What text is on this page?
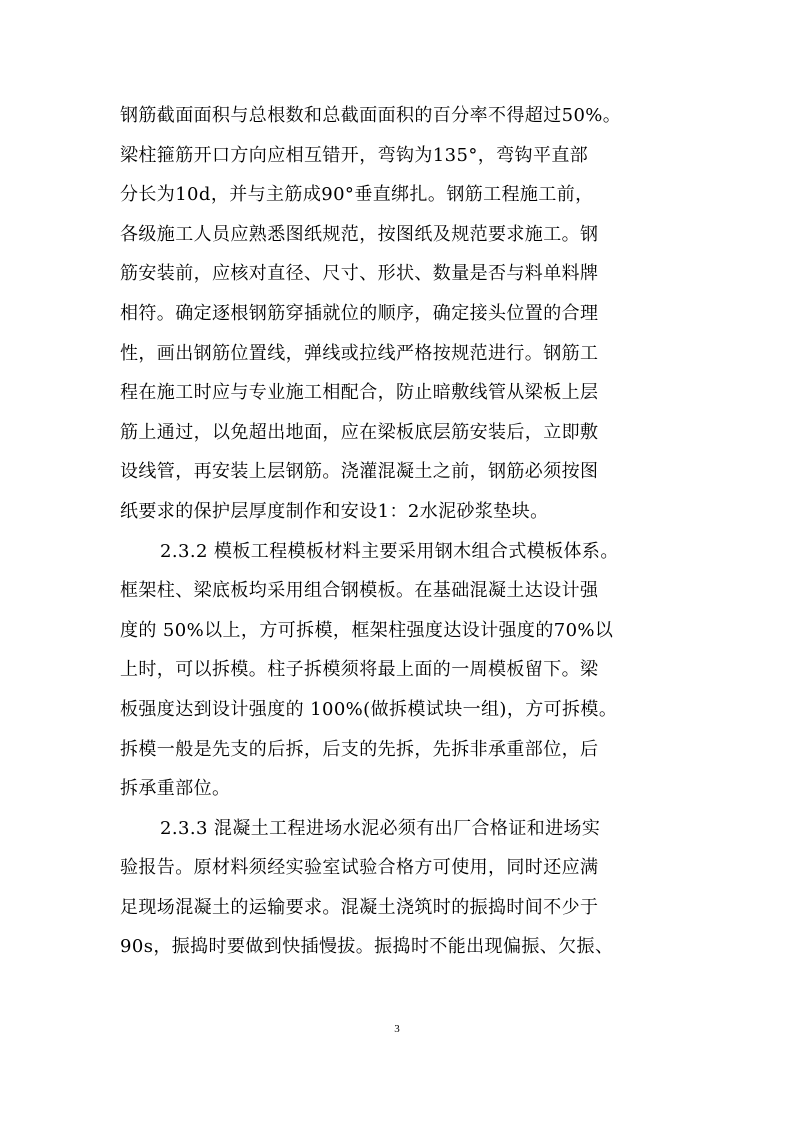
钢筋截面面积与总根数和总截面面积的百分率不得超过50%。
梁柱箍筋开口方向应相互错开，弯钩为135°，弯钩平直部
分长为10d，并与主筋成90°垂直绑扎。钢筋工程施工前，
各级施工人员应熟悉图纸规范，按图纸及规范要求施工。钢
筋安装前，应核对直径、尺寸、形状、数量是否与料单料牌
相符。确定逐根钢筋穿插就位的顺序，确定接头位置的合理
性，画出钢筋位置线，弹线或拉线严格按规范进行。钢筋工
程在施工时应与专业施工相配合，防止暗敷线管从梁板上层
筋上通过，以免超出地面，应在梁板底层筋安装后，立即敷
设线管，再安装上层钢筋。浇灌混凝土之前，钢筋必须按图
纸要求的保护层厚度制作和安设1：2水泥砂浆垫块。
2.3.2 模板工程模板材料主要采用钢木组合式模板体系。
框架柱、梁底板均采用组合钢模板。在基础混凝土达设计强
度的 50%以上，方可拆模，框架柱强度达设计强度的70%以
上时，可以拆模。柱子拆模须将最上面的一周模板留下。梁
板强度达到设计强度的 100%(做拆模试块一组)，方可拆模。
拆模一般是先支的后拆，后支的先拆，先拆非承重部位，后
拆承重部位。
2.3.3 混凝土工程进场水泥必须有出厂合格证和进场实
验报告。原材料须经实验室试验合格方可使用，同时还应满
足现场混凝土的运输要求。混凝土浇筑时的振捣时间不少于
90s，振捣时要做到快插慢拔。振捣时不能出现偏振、欠振、
3
